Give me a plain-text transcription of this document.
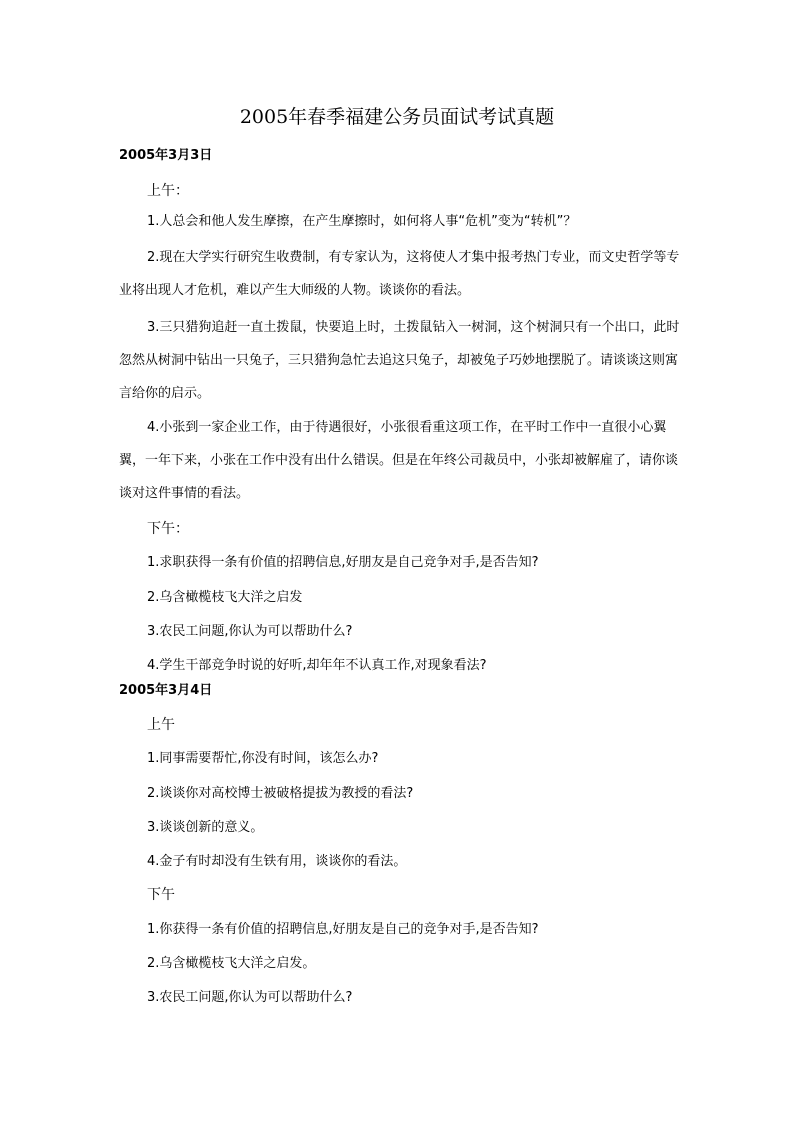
2005年春季福建公务员面试考试真题
2005年3月3日
上午：

1.人总会和他人发生摩擦，在产生摩擦时，如何将人事“危机”变为“转机”？

2.现在大学实行研究生收费制，有专家认为，这将使人才集中报考热门专业，而文史哲学等专业将出现人才危机，难以产生大师级的人物。谈谈你的看法。

3.三只猎狗追赶一直土拨鼠，快要追上时，土拨鼠钻入一树洞，这个树洞只有一个出口，此时忽然从树洞中钻出一只兔子，三只猎狗急忙去追这只兔子，却被兔子巧妙地摆脱了。请谈谈这则寓言给你的启示。

4.小张到一家企业工作，由于待遇很好，小张很看重这项工作，在平时工作中一直很小心翼翼，一年下来，小张在工作中没有出什么错误。但是在年终公司裁员中，小张却被解雇了，请你谈谈对这件事情的看法。

下午：

1.求职获得一条有价值的招聘信息,好朋友是自己竞争对手,是否告知?

2.乌含橄榄枝飞大洋之启发

3.农民工问题,你认为可以帮助什么?

4.学生干部竞争时说的好听,却年年不认真工作,对现象看法?

2005年3月4日
上午

1.同事需要帮忙,你没有时间，该怎么办?

2.谈谈你对高校博士被破格提拔为教授的看法?

3.谈谈创新的意义。

4.金子有时却没有生铁有用，谈谈你的看法。

下午

1.你获得一条有价值的招聘信息,好朋友是自己的竞争对手,是否告知?

2.乌含橄榄枝飞大洋之启发。

3.农民工问题,你认为可以帮助什么?
